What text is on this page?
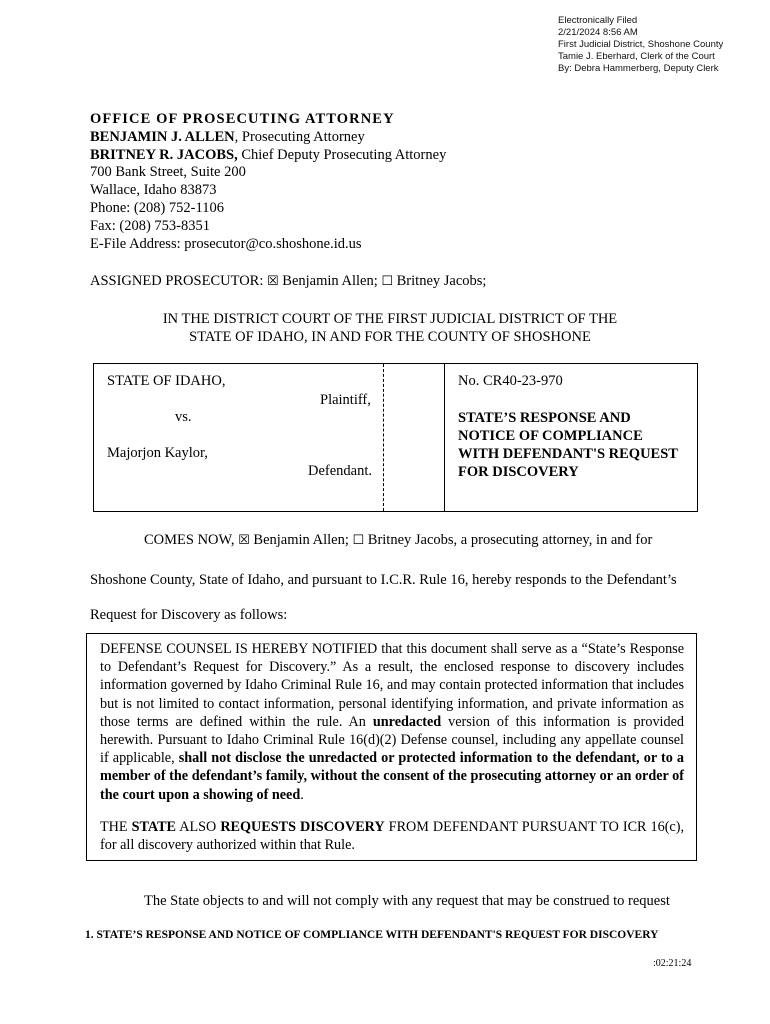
Electronically Filed
2/21/2024 8:56 AM
First Judicial District, Shoshone County
Tamie J. Eberhard, Clerk of the Court
By: Debra Hammerberg, Deputy Clerk
OFFICE OF PROSECUTING ATTORNEY
BENJAMIN J. ALLEN, Prosecuting Attorney
BRITNEY R. JACOBS, Chief Deputy Prosecuting Attorney
700 Bank Street, Suite 200
Wallace, Idaho 83873
Phone: (208) 752-1106
Fax: (208) 753-8351
E-File Address: prosecutor@co.shoshone.id.us
ASSIGNED PROSECUTOR: ☒ Benjamin Allen; ☐ Britney Jacobs;
IN THE DISTRICT COURT OF THE FIRST JUDICIAL DISTRICT OF THE
STATE OF IDAHO, IN AND FOR THE COUNTY OF SHOSHONE
STATE OF IDAHO,
Plaintiff,
vs.
Majorjon Kaylor,
Defendant.
No. CR40-23-970
STATE’S RESPONSE AND
NOTICE OF COMPLIANCE
WITH DEFENDANT'S REQUEST
FOR DISCOVERY
COMES NOW, ☒ Benjamin Allen; ☐ Britney Jacobs, a prosecuting attorney, in and for
Shoshone County, State of Idaho, and pursuant to I.C.R. Rule 16, hereby responds to the Defendant’s
Request for Discovery as follows:

DEFENSE COUNSEL IS HEREBY NOTIFIED that this document shall serve as a “State’s Response to Defendant’s Request for Discovery.” As a result, the enclosed response to discovery includes information governed by Idaho Criminal Rule 16, and may contain protected information that includes but is not limited to contact information, personal identifying information, and private information as those terms are defined within the rule. An unredacted version of this information is provided herewith. Pursuant to Idaho Criminal Rule 16(d)(2) Defense counsel, including any appellate counsel if applicable, shall not disclose the unredacted or protected information to the defendant, or to a member of the defendant’s family, without the consent of the prosecuting attorney or an order of the court upon a showing of need.

THE STATE ALSO REQUESTS DISCOVERY FROM DEFENDANT PURSUANT TO ICR 16(c), for all discovery authorized within that Rule.

The State objects to and will not comply with any request that may be construed to request
1. STATE’S RESPONSE AND NOTICE OF COMPLIANCE WITH DEFENDANT'S REQUEST FOR DISCOVERY
:02:21:24
